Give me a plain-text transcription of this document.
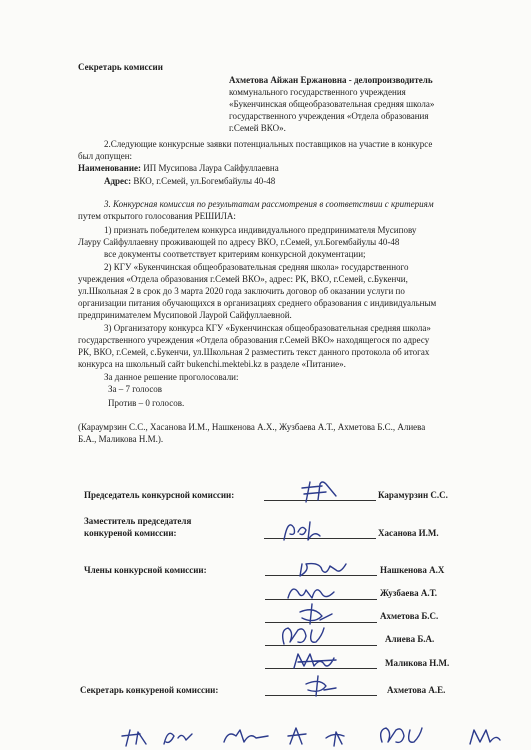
Секретарь комиссии
Ахметова Айжан Ержановна - делопроизводитель
коммунального государственного учреждения
«Букенчинская общеобразовательная средняя школа»
государственного учреждения «Отдела образования
г.Семей ВКО».
2.Следующие конкурсные заявки потенциальных поставщиков на участие в конкурсе
был допущен:
Наименование: ИП Мусипова Лаура Сайфуллаевна
Адрес: ВКО, г.Семей, ул.Богембайулы 40-48
3. Конкурсная комиссия по результатам рассмотрения в соответствии с критериям
путем открытого голосования РЕШИЛА:
1) признать победителем конкурса индивидуального предпринимателя Мусипову
Лауру Сайфуллаевну проживающей по адресу ВКО, г.Семей, ул.Богембайулы 40-48
все документы соответствует критериям конкурсной документации;
2) КГУ «Букенчинская общеобразовательная средняя школа» государственного
учреждения «Отдела образования г.Семей ВКО», адрес: РК, ВКО, г.Семей, с.Букенчи,
ул.Школьная 2 в срок до 3 марта 2020 года заключить договор об оказании услуги по
организации питания обучающихся в организациях среднего образования с индивидуальным
предпринимателем Мусиповой Лаурой Сайфуллаевной.
3) Организатору конкурса КГУ «Букенчинская общеобразовательная средняя школа»
государственного учреждения «Отдела образования г.Семей ВКО» находящегося по адресу
РК, ВКО, г.Семей, с.Букенчи, ул.Школьная 2 разместить текст данного протокола об итогах
конкурса на школьный сайт bukenchi.mektebi.kz в разделе «Питание».
За данное решение проголосовали:
За – 7 голосов
Против – 0 голосов.
(Караумрзин С.С., Хасанова И.М., Нашкенова А.Х., Жузбаева А.Т., Ахметова Б.С., Алиева
Б.А., Маликова Н.М.).
Председатель конкурсной комиссии:	Карамурзин С.С.
Заместитель председателя
конкуреной комиссии:	Хасанова И.М.
Члены конкурсной комиссии:	Нашкенова А.Х
Жузбаева А.Т.
Ахметова Б.С.
Алиева Б.А.
Маликова Н.М.
Секретарь конкуреной комиссии:	Ахметова А.Е.
